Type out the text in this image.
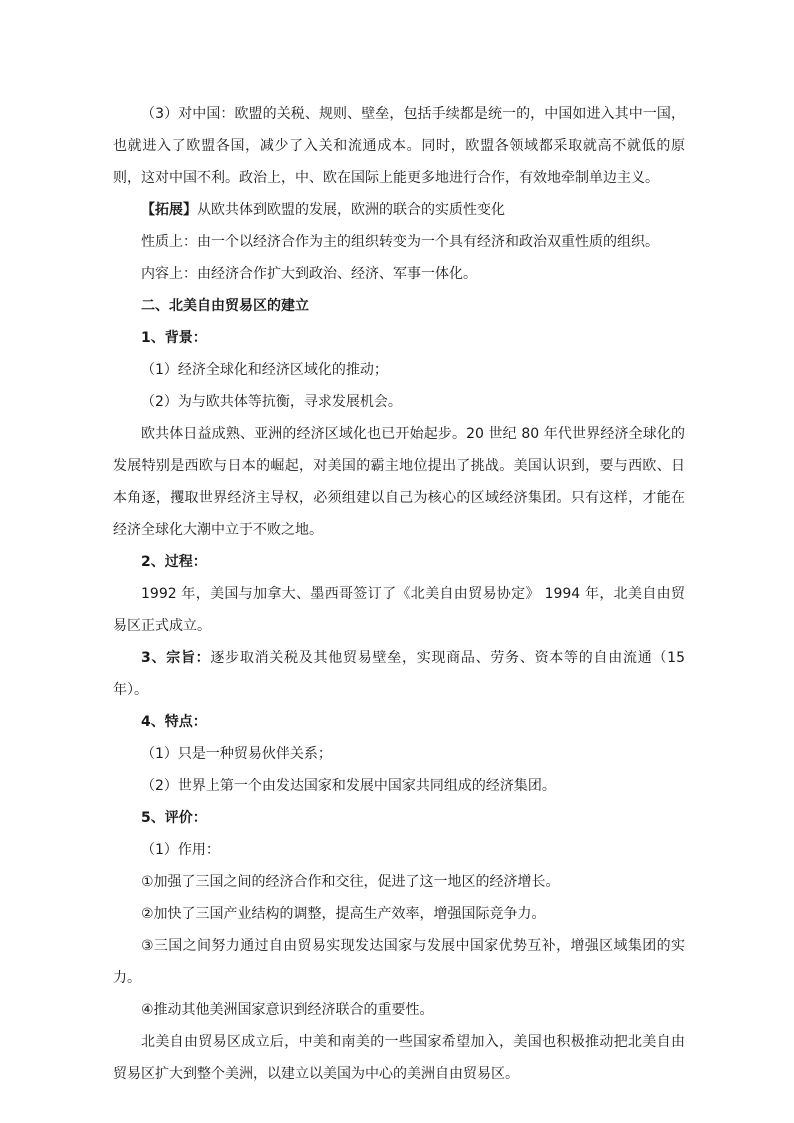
（3）对中国：欧盟的关税、规则、壁垒，包括手续都是统一的，中国如进入其中一国，也就进入了欧盟各国，减少了入关和流通成本。同时，欧盟各领域都采取就高不就低的原则，这对中国不利。政治上，中、欧在国际上能更多地进行合作，有效地牵制单边主义。

【拓展】从欧共体到欧盟的发展，欧洲的联合的实质性变化

性质上：由一个以经济合作为主的组织转变为一个具有经济和政治双重性质的组织。

内容上：由经济合作扩大到政治、经济、军事一体化。

二、北美自由贸易区的建立

1、背景：

（1）经济全球化和经济区域化的推动；

（2）为与欧共体等抗衡，寻求发展机会。

欧共体日益成熟、亚洲的经济区域化也已开始起步。20 世纪 80 年代世界经济全球化的发展特别是西欧与日本的崛起，对美国的霸主地位提出了挑战。美国认识到，要与西欧、日本角逐，攫取世界经济主导权，必须组建以自己为核心的区域经济集团。只有这样，才能在经济全球化大潮中立于不败之地。

2、过程：

1992 年，美国与加拿大、墨西哥签订了《北美自由贸易协定》 1994 年，北美自由贸易区正式成立。

3、宗旨：逐步取消关税及其他贸易壁垒，实现商品、劳务、资本等的自由流通（15 年）。

4、特点：

（1）只是一种贸易伙伴关系；

（2）世界上第一个由发达国家和发展中国家共同组成的经济集团。

5、评价：

（1）作用：

①加强了三国之间的经济合作和交往，促进了这一地区的经济增长。

②加快了三国产业结构的调整，提高生产效率，增强国际竞争力。

③三国之间努力通过自由贸易实现发达国家与发展中国家优势互补，增强区域集团的实力。

④推动其他美洲国家意识到经济联合的重要性。

北美自由贸易区成立后，中美和南美的一些国家希望加入，美国也积极推动把北美自由贸易区扩大到整个美洲，以建立以美国为中心的美洲自由贸易区。
